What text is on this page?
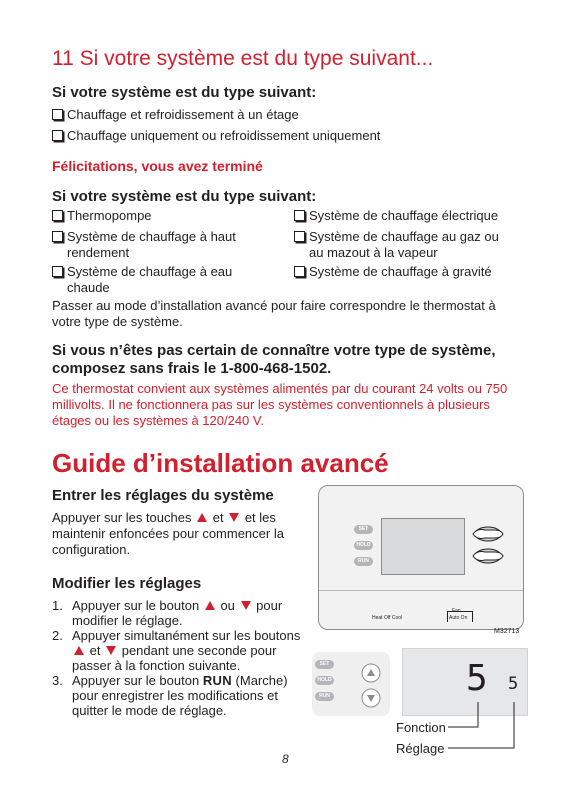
11 Si votre système est du type suivant...
Si votre système est du type suivant:
Chauffage et refroidissement à un étage
Chauffage uniquement ou refroidissement uniquement
Félicitations, vous avez terminé
Si votre système est du type suivant:
Thermopompe
Système de chauffage à haut rendement
Système de chauffage à eau chaude
Système de chauffage électrique
Système de chauffage au gaz ou au mazout à la vapeur
Système de chauffage à gravité
Passer au mode d’installation avancé pour faire correspondre le thermostat à votre type de système.
Si vous n’êtes pas certain de connaître votre type de système,
composez sans frais le 1-800-468-1502.
Ce thermostat convient aux systèmes alimentés par du courant 24 volts ou 750 millivolts. Il ne fonctionnera pas sur les systèmes conventionnels à plusieurs étages ou les systèmes à 120/240 V.
Guide d’installation avancé
Entrer les réglages du système
Appuyer sur les touches et et les maintenir enfoncées pour commencer la configuration.
Modifier les réglages
1. Appuyer sur le bouton ou pour modifier le réglage.
2. Appuyer simultanément sur les boutons  et pendant une seconde pour passer à la fonction suivante.
3. Appuyer sur le bouton RUN (Marche) pour enregistrer les modifications et quitter le mode de réglage.
SET
HOLD
RUN
Heat Off Cool
Fan
Auto On
M32713
SET
HOLD
RUN	5 5
Fonction
Réglage
8
